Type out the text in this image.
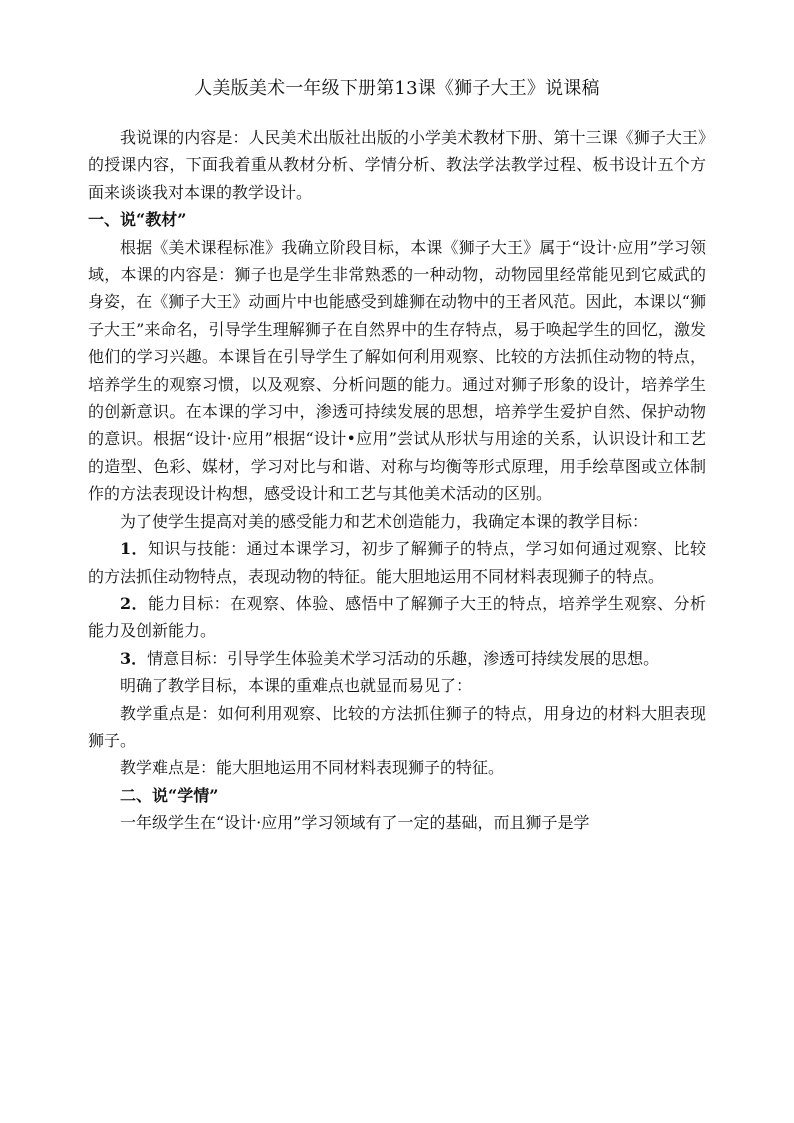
人美版美术一年级下册第13课《狮子大王》说课稿

我说课的内容是：人民美术出版社出版的小学美术教材下册、第十三课《狮子大王》的授课内容，下面我着重从教材分析、学情分析、教法学法教学过程、板书设计五个方面来谈谈我对本课的教学设计。

一、说“教材”

根据《美术课程标准》我确立阶段目标，本课《狮子大王》属于“设计·应用”学习领域，本课的内容是：狮子也是学生非常熟悉的一种动物，动物园里经常能见到它威武的身姿，在《狮子大王》动画片中也能感受到雄狮在动物中的王者风范。因此，本课以“狮子大王”来命名，引导学生理解狮子在自然界中的生存特点，易于唤起学生的回忆，激发他们的学习兴趣。本课旨在引导学生了解如何利用观察、比较的方法抓住动物的特点，培养学生的观察习惯，以及观察、分析问题的能力。通过对狮子形象的设计，培养学生的创新意识。在本课的学习中，渗透可持续发展的思想，培养学生爱护自然、保护动物的意识。根据“设计·应用”根据“设计•应用”尝试从形状与用途的关系，认识设计和工艺的造型、色彩、媒材，学习对比与和谐、对称与均衡等形式原理，用手绘草图或立体制作的方法表现设计构想，感受设计和工艺与其他美术活动的区别。

为了使学生提高对美的感受能力和艺术创造能力，我确定本课的教学目标：

1．知识与技能：通过本课学习，初步了解狮子的特点，学习如何通过观察、比较的方法抓住动物特点，表现动物的特征。能大胆地运用不同材料表现狮子的特点。

2．能力目标：在观察、体验、感悟中了解狮子大王的特点，培养学生观察、分析能力及创新能力。

3．情意目标：引导学生体验美术学习活动的乐趣，渗透可持续发展的思想。

明确了教学目标，本课的重难点也就显而易见了：

教学重点是：如何利用观察、比较的方法抓住狮子的特点，用身边的材料大胆表现狮子。

教学难点是：能大胆地运用不同材料表现狮子的特征。

二、说“学情”

一年级学生在“设计·应用”学习领域有了一定的基础，而且狮子是学
